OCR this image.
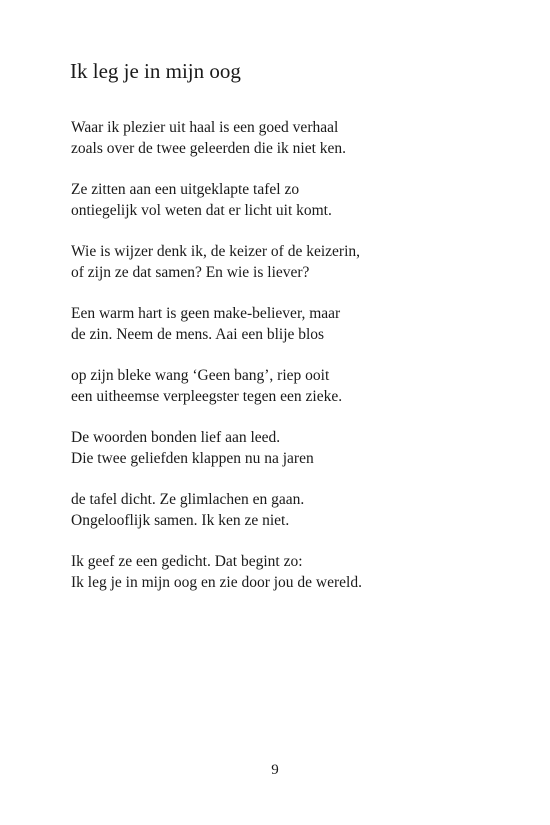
Ik leg je in mijn oog
Waar ik plezier uit haal is een goed verhaal
zoals over de twee geleerden die ik niet ken.
Ze zitten aan een uitgeklapte tafel zo
ontiegelijk vol weten dat er licht uit komt.
Wie is wijzer denk ik, de keizer of de keizerin,
of zijn ze dat samen? En wie is liever?
Een warm hart is geen make-believer, maar
de zin. Neem de mens. Aai een blije blos
op zijn bleke wang ‘Geen bang’, riep ooit
een uitheemse verpleegster tegen een zieke.
De woorden bonden lief aan leed.
Die twee geliefden klappen nu na jaren
de tafel dicht. Ze glimlachen en gaan.
Ongelooflijk samen. Ik ken ze niet.
Ik geef ze een gedicht. Dat begint zo:
Ik leg je in mijn oog en zie door jou de wereld.
9
